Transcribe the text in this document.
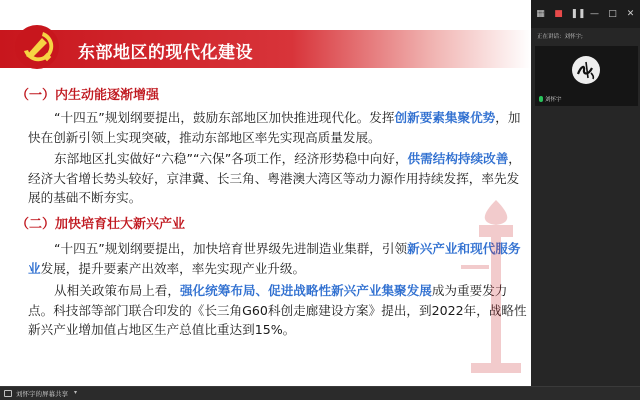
东部地区的现代化建设
（一）内生动能逐渐增强
“十四五”规划纲要提出，鼓励东部地区加快推进现代化。发挥创新要素集聚优势，加快在创新引领上实现突破，推动东部地区率先实现高质量发展。
东部地区扎实做好“六稳”“六保”各项工作，经济形势稳中向好，供需结构持续改善，经济大省增长势头较好，京津冀、长三角、粤港澳大湾区等动力源作用持续发挥，率先发展的基础不断夯实。
（二）加快培育壮大新兴产业
“十四五”规划纲要提出，加快培育世界级先进制造业集群，引领新兴产业和现代服务业发展，提升要素产出效率，率先实现产业升级。
从相关政策布局上看，强化统筹布局、促进战略性新兴产业集聚发展成为重要发力点。科技部等部门联合印发的《长三角G60科创走廊建设方案》提出，到2022年，战略性新兴产业增加值占地区生产总值比重达到15%。
▦ ■ ❚❚ — □ ✕
正在讲话：刘怀宇;
刘怀宇
刘怀宇的屏幕共享 ▾
